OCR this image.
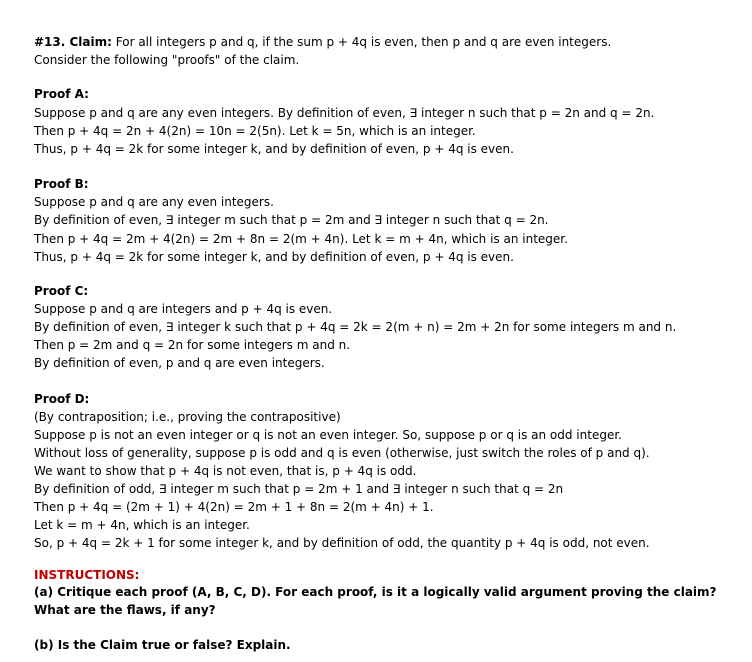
#13. Claim: For all integers p and q, if the sum p + 4q is even, then p and q are even integers.
Consider the following "proofs" of the claim.
Proof A:
Suppose p and q are any even integers. By definition of even, ∃ integer n such that p = 2n and q = 2n.
Then p + 4q = 2n + 4(2n) = 10n = 2(5n). Let k = 5n, which is an integer.
Thus, p + 4q = 2k for some integer k, and by definition of even, p + 4q is even.
Proof B:
Suppose p and q are any even integers.
By definition of even, ∃ integer m such that p = 2m and ∃ integer n such that q = 2n.
Then p + 4q = 2m + 4(2n) = 2m + 8n = 2(m + 4n). Let k = m + 4n, which is an integer.
Thus, p + 4q = 2k for some integer k, and by definition of even, p + 4q is even.
Proof C:
Suppose p and q are integers and p + 4q is even.
By definition of even, ∃ integer k such that p + 4q = 2k = 2(m + n) = 2m + 2n for some integers m and n.
Then p = 2m and q = 2n for some integers m and n.
By definition of even, p and q are even integers.
Proof D:
(By contraposition; i.e., proving the contrapositive)
Suppose p is not an even integer or q is not an even integer. So, suppose p or q is an odd integer.
Without loss of generality, suppose p is odd and q is even (otherwise, just switch the roles of p and q).
We want to show that p + 4q is not even, that is, p + 4q is odd.
By definition of odd, ∃ integer m such that p = 2m + 1 and ∃ integer n such that q = 2n
Then p + 4q = (2m + 1) + 4(2n) = 2m + 1 + 8n = 2(m + 4n) + 1.
Let k = m + 4n, which is an integer.
So, p + 4q = 2k + 1 for some integer k, and by definition of odd, the quantity p + 4q is odd, not even.
INSTRUCTIONS:
(a) Critique each proof (A, B, C, D). For each proof, is it a logically valid argument proving the claim?
What are the flaws, if any?
(b) Is the Claim true or false? Explain.
